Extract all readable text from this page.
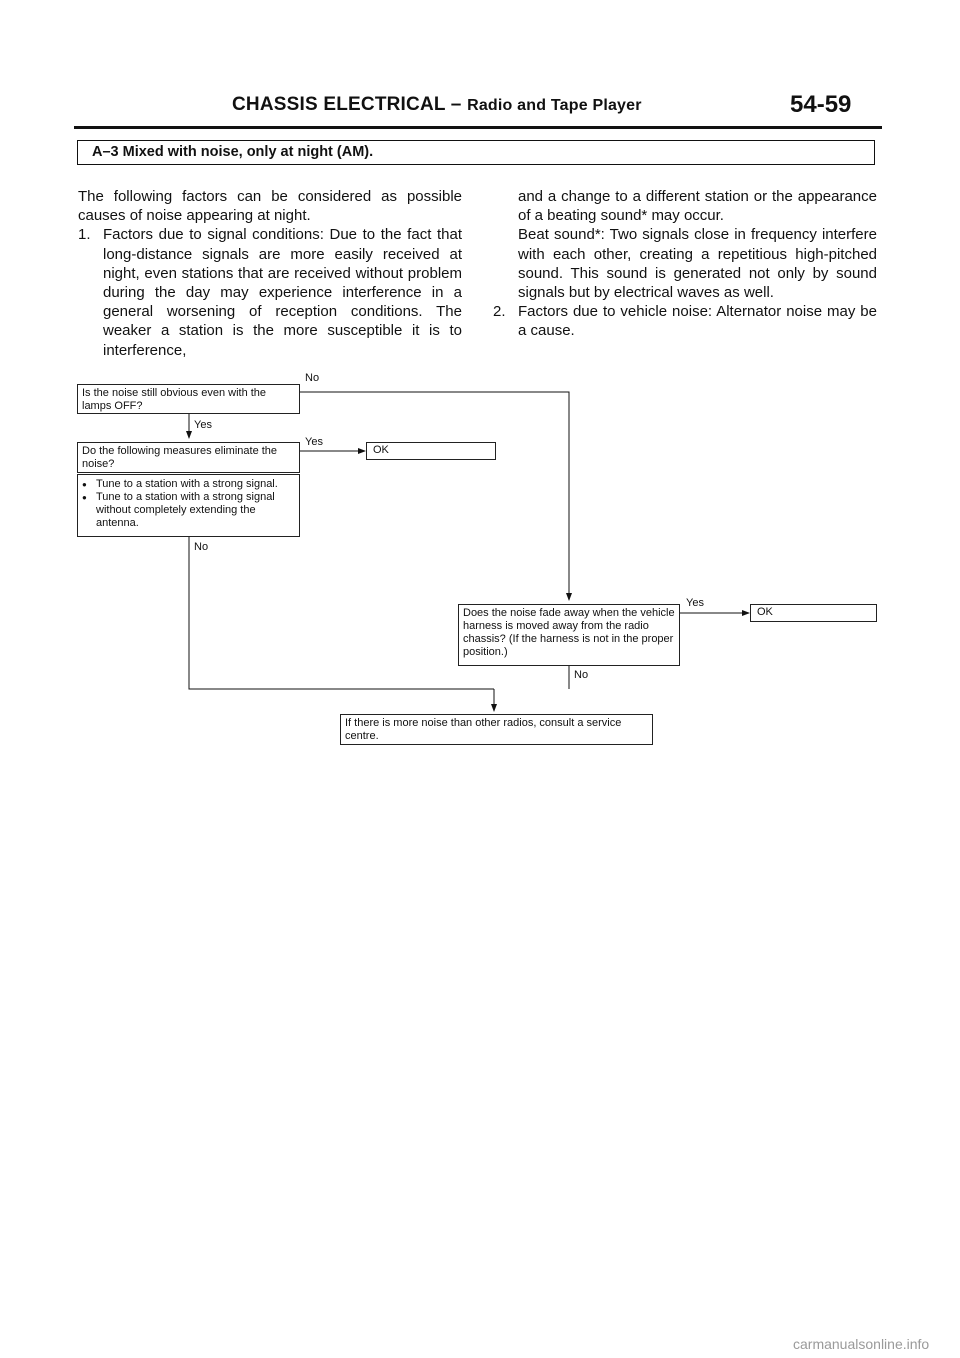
CHASSIS ELECTRICAL – Radio and Tape Player	54-59
A–3 Mixed with noise, only at night (AM).

The following factors can be considered as possible causes of noise appearing at night.

1. Factors due to signal conditions: Due to the fact that long-distance signals are more easily received at night, even stations that are received without problem during the day may experience interference in a general worsening of reception conditions. The weaker a station is the more susceptible it is to interference,

and a change to a different station or the appearance of a beating sound* may occur.

Beat sound*: Two signals close in frequency interfere with each other, creating a repetitious high-pitched sound. This sound is generated not only by sound signals but by electrical waves as well.

2. Factors due to vehicle noise: Alternator noise may be a cause.
Is the noise still obvious even with the lamps OFF?
No
Yes
Do the following measures eliminate the noise?
Yes
OK

● Tune to a station with a strong signal.

● Tune to a station with a strong signal without completely extending the antenna.

No
Does the noise fade away when the vehicle harness is moved away from the radio chassis? (If the harness is not in the proper position.)
Yes
No
OK
If there is more noise than other radios, consult a service centre.
carmanualsonline.info
